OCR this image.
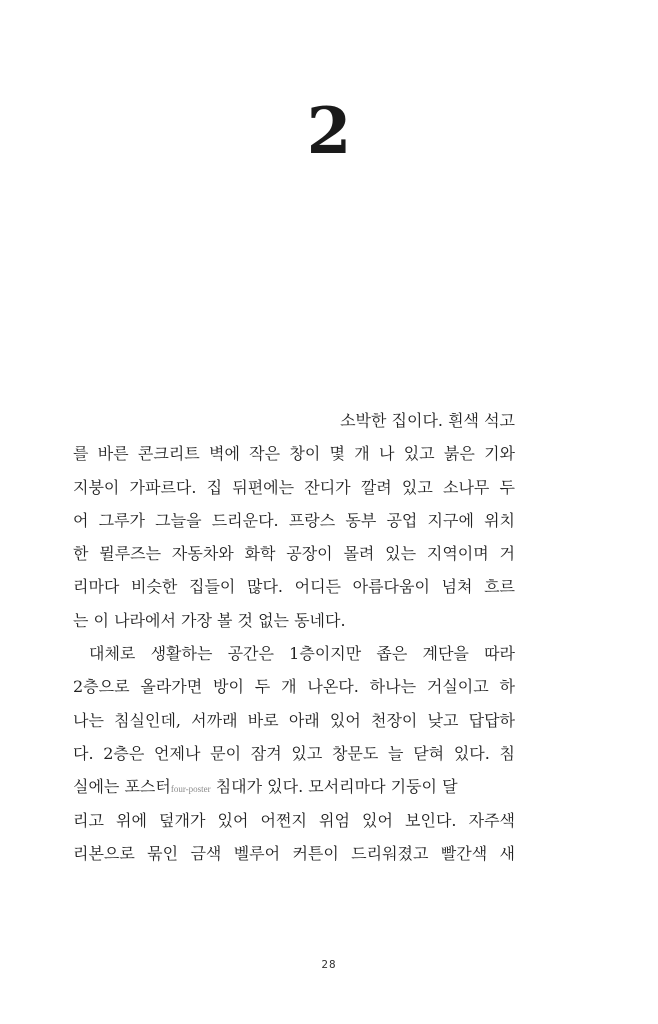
2
소박한 집이다. 흰색 석고
를 바른 콘크리트 벽에 작은 창이 몇 개 나 있고 붉은 기와
지붕이 가파르다. 집 뒤편에는 잔디가 깔려 있고 소나무 두
어 그루가 그늘을 드리운다. 프랑스 동부 공업 지구에 위치
한 뮐루즈는 자동차와 화학 공장이 몰려 있는 지역이며 거
리마다 비슷한 집들이 많다. 어디든 아름다움이 넘쳐 흐르
는 이 나라에서 가장 볼 것 없는 동네다.
대체로 생활하는 공간은 1층이지만 좁은 계단을 따라
2층으로 올라가면 방이 두 개 나온다. 하나는 거실이고 하
나는 침실인데, 서까래 바로 아래 있어 천장이 낮고 답답하
다. 2층은 언제나 문이 잠겨 있고 창문도 늘 닫혀 있다. 침
실에는 포스터four-poster 침대가 있다. 모서리마다 기둥이 달
리고 위에 덮개가 있어 어쩐지 위엄 있어 보인다. 자주색
리본으로 묶인 금색 벨루어 커튼이 드리워졌고 빨간색 새
28
